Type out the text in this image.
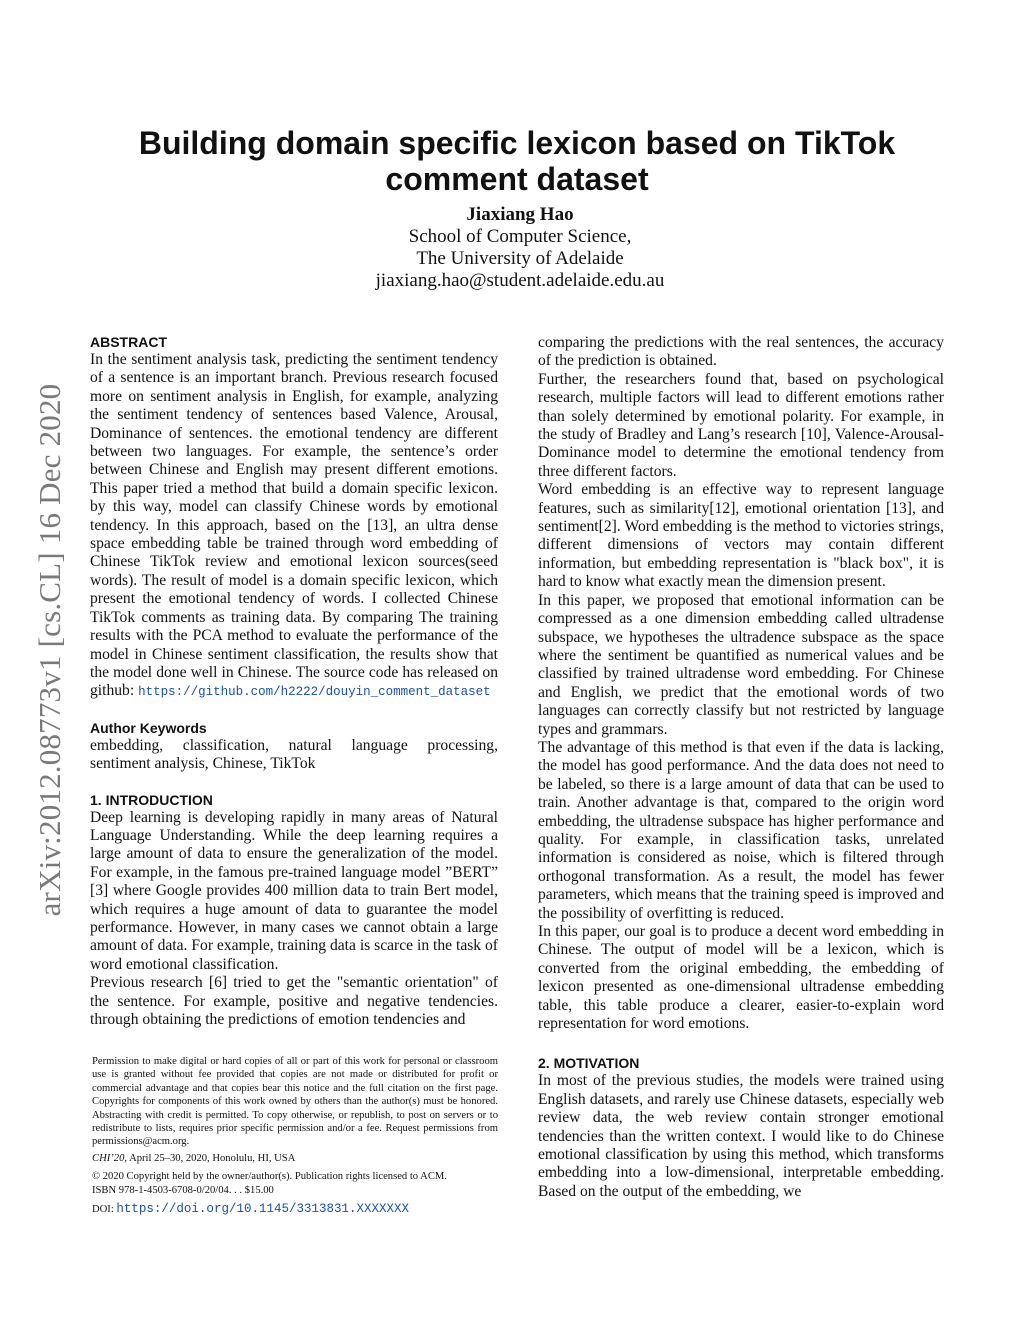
arXiv:2012.08773v1 [cs.CL] 16 Dec 2020
Building domain specific lexicon based on TikTok comment dataset
Jiaxiang Hao
School of Computer Science,
The University of Adelaide
jiaxiang.hao@student.adelaide.edu.au

ABSTRACT

In the sentiment analysis task, predicting the sentiment tendency of a sentence is an important branch. Previous research focused more on sentiment analysis in English, for example, analyzing the sentiment tendency of sentences based Valence, Arousal, Dominance of sentences. the emotional tendency are different between two languages. For example, the sentence’s order between Chinese and English may present different emotions. This paper tried a method that build a domain specific lexicon. by this way, model can classify Chinese words by emotional tendency. In this approach, based on the [13], an ultra dense space embedding table be trained through word embedding of Chinese TikTok review and emotional lexicon sources(seed words). The result of model is a domain specific lexicon, which present the emotional tendency of words. I collected Chinese TikTok comments as training data. By comparing The training results with the PCA method to evaluate the performance of the model in Chinese sentiment classification, the results show that the model done well in Chinese. The source code has released on github: https://github.com/h2222/douyin_comment_dataset

Author Keywords

embedding, classification, natural language processing, sentiment analysis, Chinese, TikTok

1. INTRODUCTION

Deep learning is developing rapidly in many areas of Natural Language Understanding. While the deep learning requires a large amount of data to ensure the generalization of the model. For example, in the famous pre-trained language model ”BERT” [3] where Google provides 400 million data to train Bert model, which requires a huge amount of data to guarantee the model performance. However, in many cases we cannot obtain a large amount of data. For example, training data is scarce in the task of word emotional classification.

Previous research [6] tried to get the "semantic orientation" of the sentence. For example, positive and negative tendencies. through obtaining the predictions of emotion tendencies and

Permission to make digital or hard copies of all or part of this work for personal or classroom use is granted without fee provided that copies are not made or distributed for profit or commercial advantage and that copies bear this notice and the full citation on the first page. Copyrights for components of this work owned by others than the author(s) must be honored. Abstracting with credit is permitted. To copy otherwise, or republish, to post on servers or to redistribute to lists, requires prior specific permission and/or a fee. Request permissions from permissions@acm.org.

CHI’20, April 25–30, 2020, Honolulu, HI, USA

© 2020 Copyright held by the owner/author(s). Publication rights licensed to ACM.

ISBN 978-1-4503-6708-0/20/04. . . $15.00

DOI: https://doi.org/10.1145/3313831.XXXXXXX

comparing the predictions with the real sentences, the accuracy of the prediction is obtained.

Further, the researchers found that, based on psychological research, multiple factors will lead to different emotions rather than solely determined by emotional polarity. For example, in the study of Bradley and Lang’s research [10], Valence-Arousal-Dominance model to determine the emotional tendency from three different factors.

Word embedding is an effective way to represent language features, such as similarity[12], emotional orientation [13], and sentiment[2]. Word embedding is the method to victories strings, different dimensions of vectors may contain different information, but embedding representation is "black box", it is hard to know what exactly mean the dimension present.

In this paper, we proposed that emotional information can be compressed as a one dimension embedding called ultradense subspace, we hypotheses the ultradence subspace as the space where the sentiment be quantified as numerical values and be classified by trained ultradense word embedding. For Chinese and English, we predict that the emotional words of two languages can correctly classify but not restricted by language types and grammars.

The advantage of this method is that even if the data is lacking, the model has good performance. And the data does not need to be labeled, so there is a large amount of data that can be used to train. Another advantage is that, compared to the origin word embedding, the ultradense subspace has higher performance and quality. For example, in classification tasks, unrelated information is considered as noise, which is filtered through orthogonal transformation. As a result, the model has fewer parameters, which means that the training speed is improved and the possibility of overfitting is reduced.

In this paper, our goal is to produce a decent word embedding in Chinese. The output of model will be a lexicon, which is converted from the original embedding, the embedding of lexicon presented as one-dimensional ultradense embedding table, this table produce a clearer, easier-to-explain word representation for word emotions.

2. MOTIVATION

In most of the previous studies, the models were trained using English datasets, and rarely use Chinese datasets, especially web review data, the web review contain stronger emotional tendencies than the written context. I would like to do Chinese emotional classification by using this method, which transforms embedding into a low-dimensional, interpretable embedding. Based on the output of the embedding, we
